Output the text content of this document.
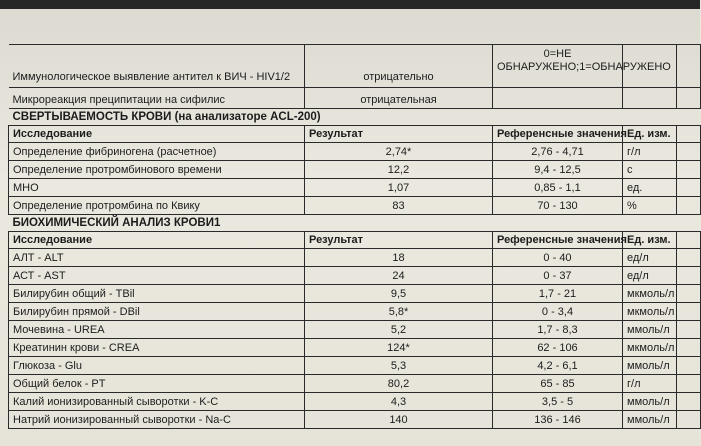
Иммунологическое выявление антител к ВИЧ - HIV1/2	отрицательно	0=НЕ ОБНАРУЖЕНО;1=ОБНАРУЖЕНО		
Микрореакция преципитации на сифилис	отрицательная			
СВЕРТЫВАЕМОСТЬ КРОВИ (на анализаторе ACL-200)				
Исследование	Результат	Референсные значения	Ед. изм.	
Определение фибриногена (расчетное)	2,74*	2,76 - 4,71	г/л	
Определение протромбинового времени	12,2	9,4 - 12,5	с	
МНО	1,07	0,85 - 1,1	ед.	
Определение протромбина по Квику	83	70 - 130	%	
БИОХИМИЧЕСКИЙ АНАЛИЗ КРОВИ1				
Исследование	Результат	Референсные значения	Ед. изм.	
АЛТ - ALT	18	0 - 40	ед/л	
АСТ - AST	24	0 - 37	ед/л	
Билирубин общий - TBil	9,5	1,7 - 21	мкмоль/л	
Билирубин прямой - DBil	5,8*	0 - 3,4	мкмоль/л	
Мочевина - UREA	5,2	1,7 - 8,3	ммоль/л	
Креатинин крови - CREA	124*	62 - 106	мкмоль/л	
Глюкоза - Glu	5,3	4,2 - 6,1	ммоль/л	
Общий белок - PT	80,2	65 - 85	г/л	
Калий ионизированный сыворотки - K-C	4,3	3,5 - 5	ммоль/л	
Натрий ионизированный сыворотки - Na-C	140	136 - 146	ммоль/л	
